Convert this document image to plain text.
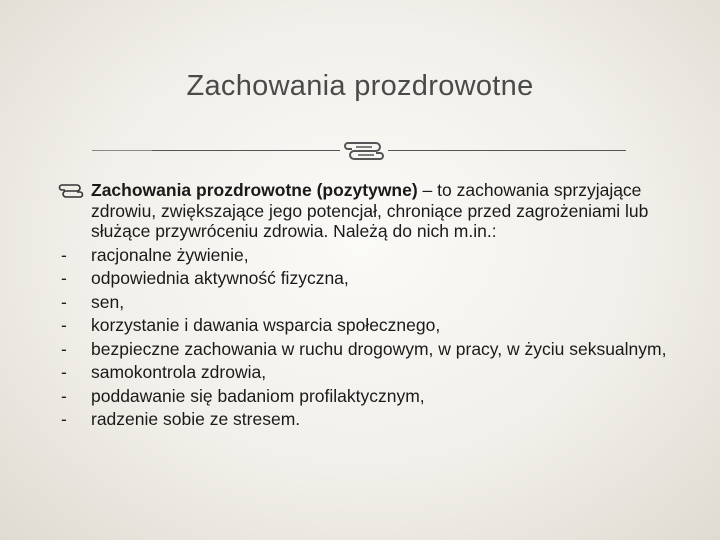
Zachowania prozdrowotne
Zachowania prozdrowotne (pozytywne) – to zachowania sprzyjające zdrowiu, zwiększające jego potencjał, chroniące przed zagrożeniami lub służące przywróceniu zdrowia. Należą do nich m.in.:
- racjonalne żywienie,
- odpowiednia aktywność fizyczna,
- sen,
- korzystanie i dawania wsparcia społecznego,
- bezpieczne zachowania w ruchu drogowym, w pracy, w życiu seksualnym,
- samokontrola zdrowia,
- poddawanie się badaniom profilaktycznym,
- radzenie sobie ze stresem.
